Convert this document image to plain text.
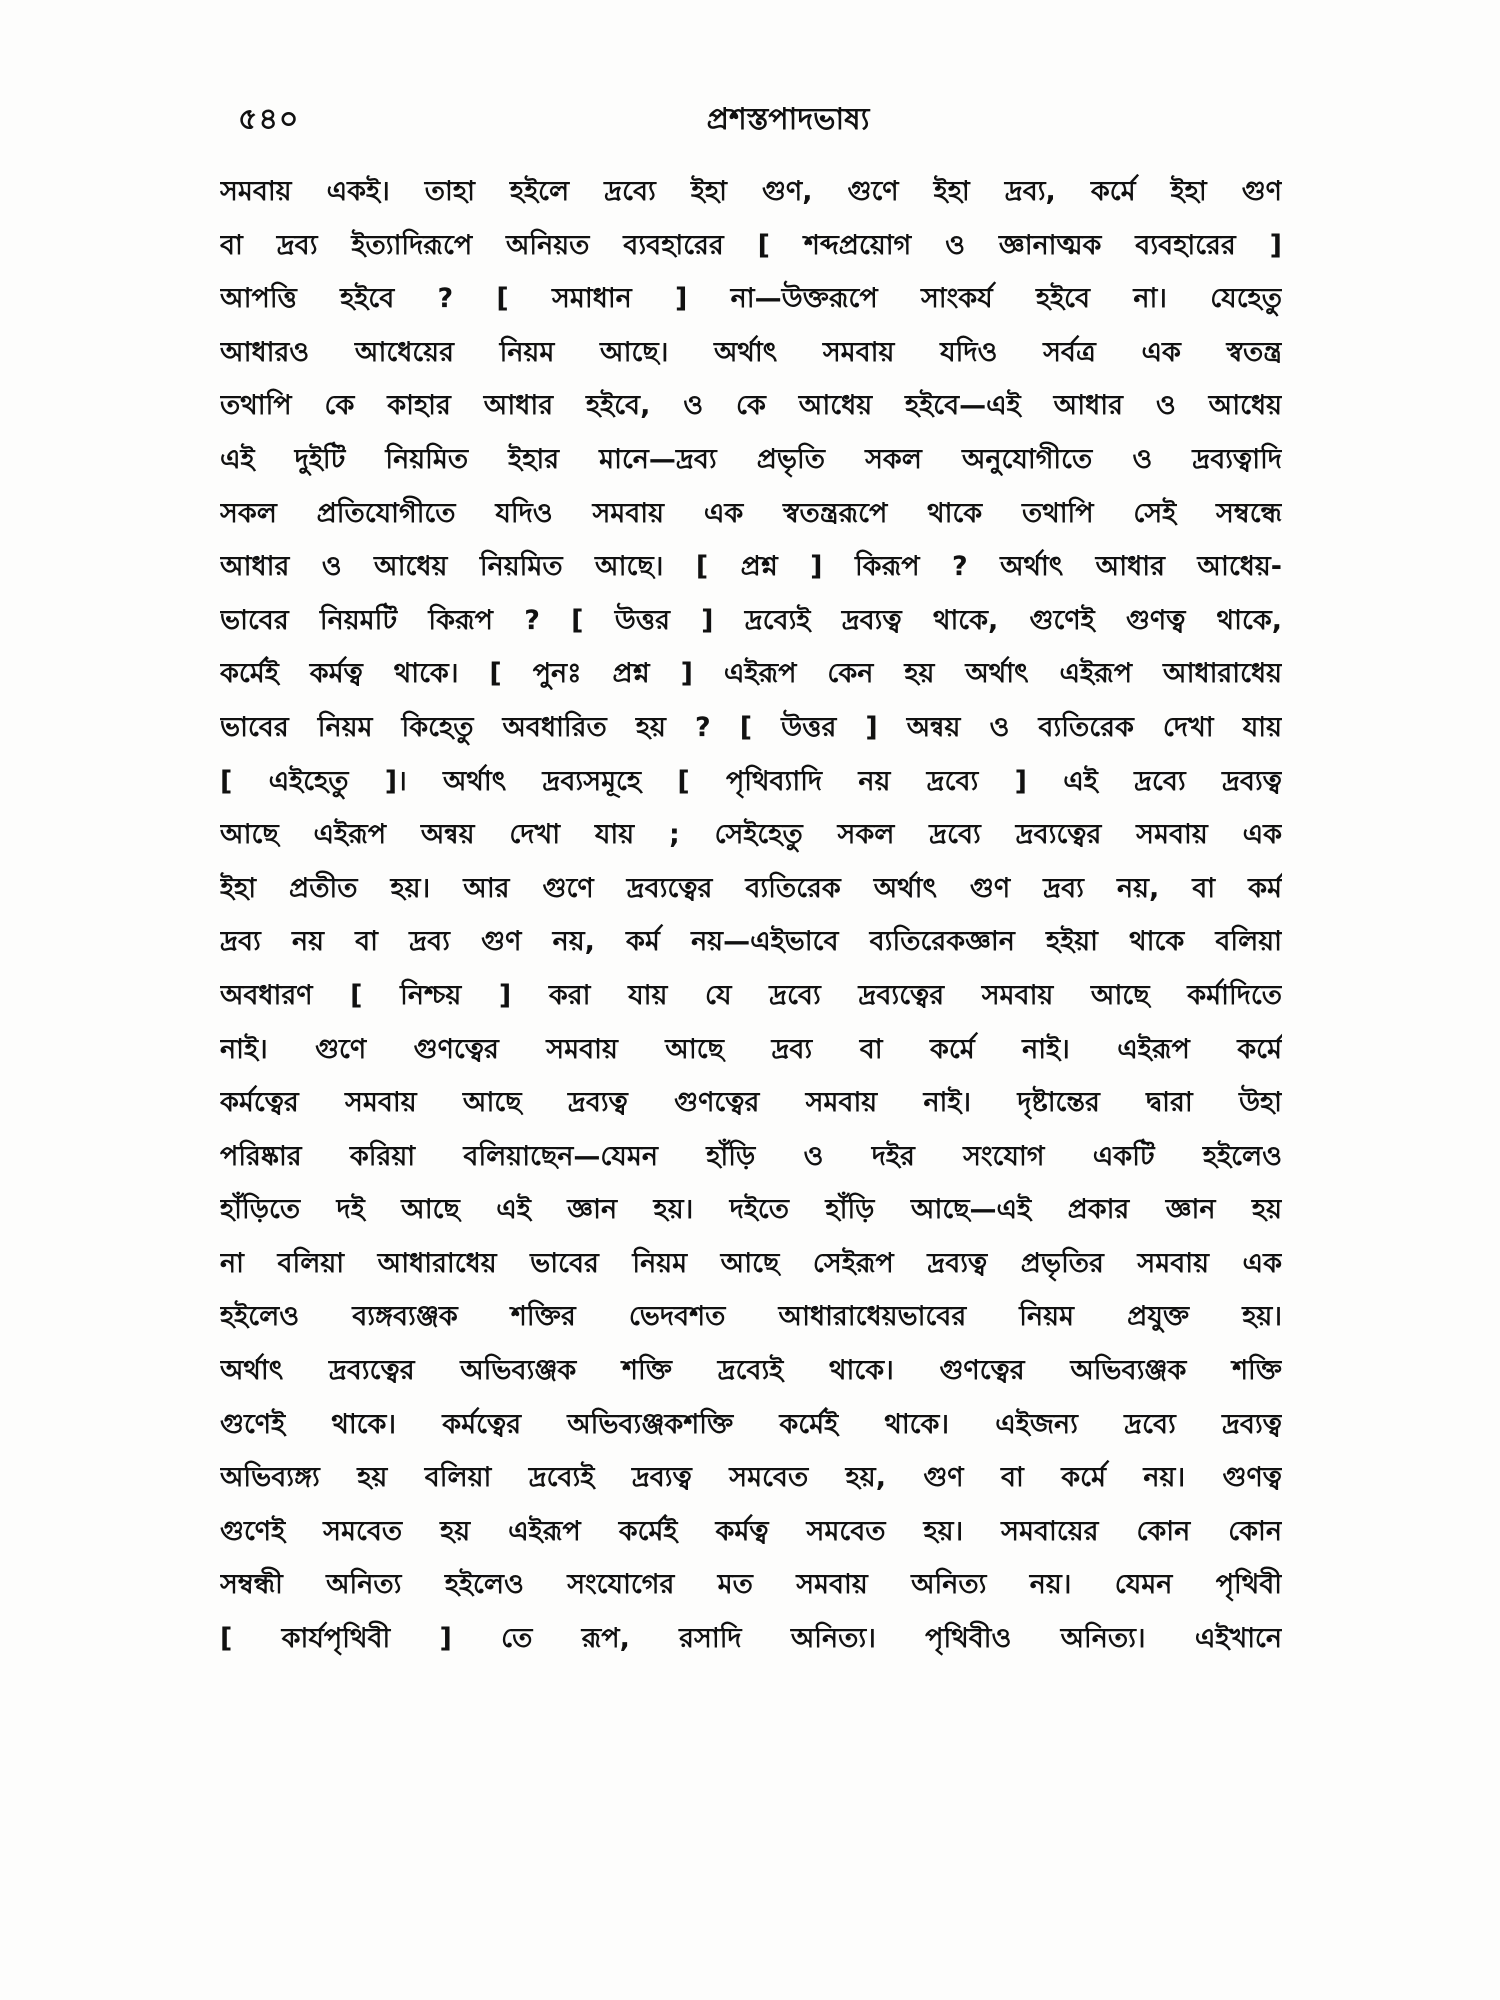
৫৪০	প্রশস্তপাদভাষ্য
সমবায় একই। তাহা হইলে দ্রব্যে ইহা গুণ, গুণে ইহা দ্রব্য, কর্মে ইহা গুণ
বা দ্রব্য ইত্যাদিরূপে অনিয়ত ব্যবহারের [ শব্দপ্রয়োগ ও জ্ঞানাত্মক ব্যবহারের ]
আপত্তি হইবে ? [ সমাধান ] না—উক্তরূপে সাংকর্য হইবে না। যেহেতু
আধারও আধেয়ের নিয়ম আছে। অর্থাৎ সমবায় যদিও সর্বত্র এক স্বতন্ত্র
তথাপি কে কাহার আধার হইবে, ও কে আধেয় হইবে—এই আধার ও আধেয়
এই দুইটি নিয়মিত ইহার মানে—দ্রব্য প্রভৃতি সকল অনুযোগীতে ও দ্রব্যত্বাদি
সকল প্রতিযোগীতে যদিও সমবায় এক স্বতন্ত্ররূপে থাকে তথাপি সেই সম্বন্ধে
আধার ও আধেয় নিয়মিত আছে। [ প্রশ্ন ] কিরূপ ? অর্থাৎ আধার আধেয়-
ভাবের নিয়মটি কিরূপ ? [ উত্তর ] দ্রব্যেই দ্রব্যত্ব থাকে, গুণেই গুণত্ব থাকে,
কর্মেই কর্মত্ব থাকে। [ পুনঃ প্রশ্ন ] এইরূপ কেন হয় অর্থাৎ এইরূপ আধারাধেয়
ভাবের নিয়ম কিহেতু অবধারিত হয় ? [ উত্তর ] অন্বয় ও ব্যতিরেক দেখা যায়
[ এইহেতু ]। অর্থাৎ দ্রব্যসমূহে [ পৃথিব্যাদি নয় দ্রব্যে ] এই দ্রব্যে দ্রব্যত্ব
আছে এইরূপ অন্বয় দেখা যায় ; সেইহেতু সকল দ্রব্যে দ্রব্যত্বের সমবায় এক
ইহা প্রতীত হয়। আর গুণে দ্রব্যত্বের ব্যতিরেক অর্থাৎ গুণ দ্রব্য নয়, বা কর্ম
দ্রব্য নয় বা দ্রব্য গুণ নয়, কর্ম নয়—এইভাবে ব্যতিরেকজ্ঞান হইয়া থাকে বলিয়া
অবধারণ [ নিশ্চয় ] করা যায় যে দ্রব্যে দ্রব্যত্বের সমবায় আছে কর্মাদিতে
নাই। গুণে গুণত্বের সমবায় আছে দ্রব্য বা কর্মে নাই। এইরূপ কর্মে
কর্মত্বের সমবায় আছে দ্রব্যত্ব গুণত্বের সমবায় নাই। দৃষ্টান্তের দ্বারা উহা
পরিষ্কার করিয়া বলিয়াছেন—যেমন হাঁড়ি ও দইর সংযোগ একটি হইলেও
হাঁড়িতে দই আছে এই জ্ঞান হয়। দইতে হাঁড়ি আছে—এই প্রকার জ্ঞান হয়
না বলিয়া আধারাধেয় ভাবের নিয়ম আছে সেইরূপ দ্রব্যত্ব প্রভৃতির সমবায় এক
হইলেও ব্যঙ্গব্যঞ্জক শক্তির ভেদবশত আধারাধেয়ভাবের নিয়ম প্রযুক্ত হয়।
অর্থাৎ দ্রব্যত্বের অভিব্যঞ্জক শক্তি দ্রব্যেই থাকে। গুণত্বের অভিব্যঞ্জক শক্তি
গুণেই থাকে। কর্মত্বের অভিব্যঞ্জকশক্তি কর্মেই থাকে। এইজন্য দ্রব্যে দ্রব্যত্ব
অভিব্যঙ্গ্য হয় বলিয়া দ্রব্যেই দ্রব্যত্ব সমবেত হয়, গুণ বা কর্মে নয়। গুণত্ব
গুণেই সমবেত হয় এইরূপ কর্মেই কর্মত্ব সমবেত হয়। সমবায়ের কোন কোন
সম্বন্ধী অনিত্য হইলেও সংযোগের মত সমবায় অনিত্য নয়। যেমন পৃথিবী
[ কার্যপৃথিবী ] তে রূপ, রসাদি অনিত্য। পৃথিবীও অনিত্য। এইখানে
